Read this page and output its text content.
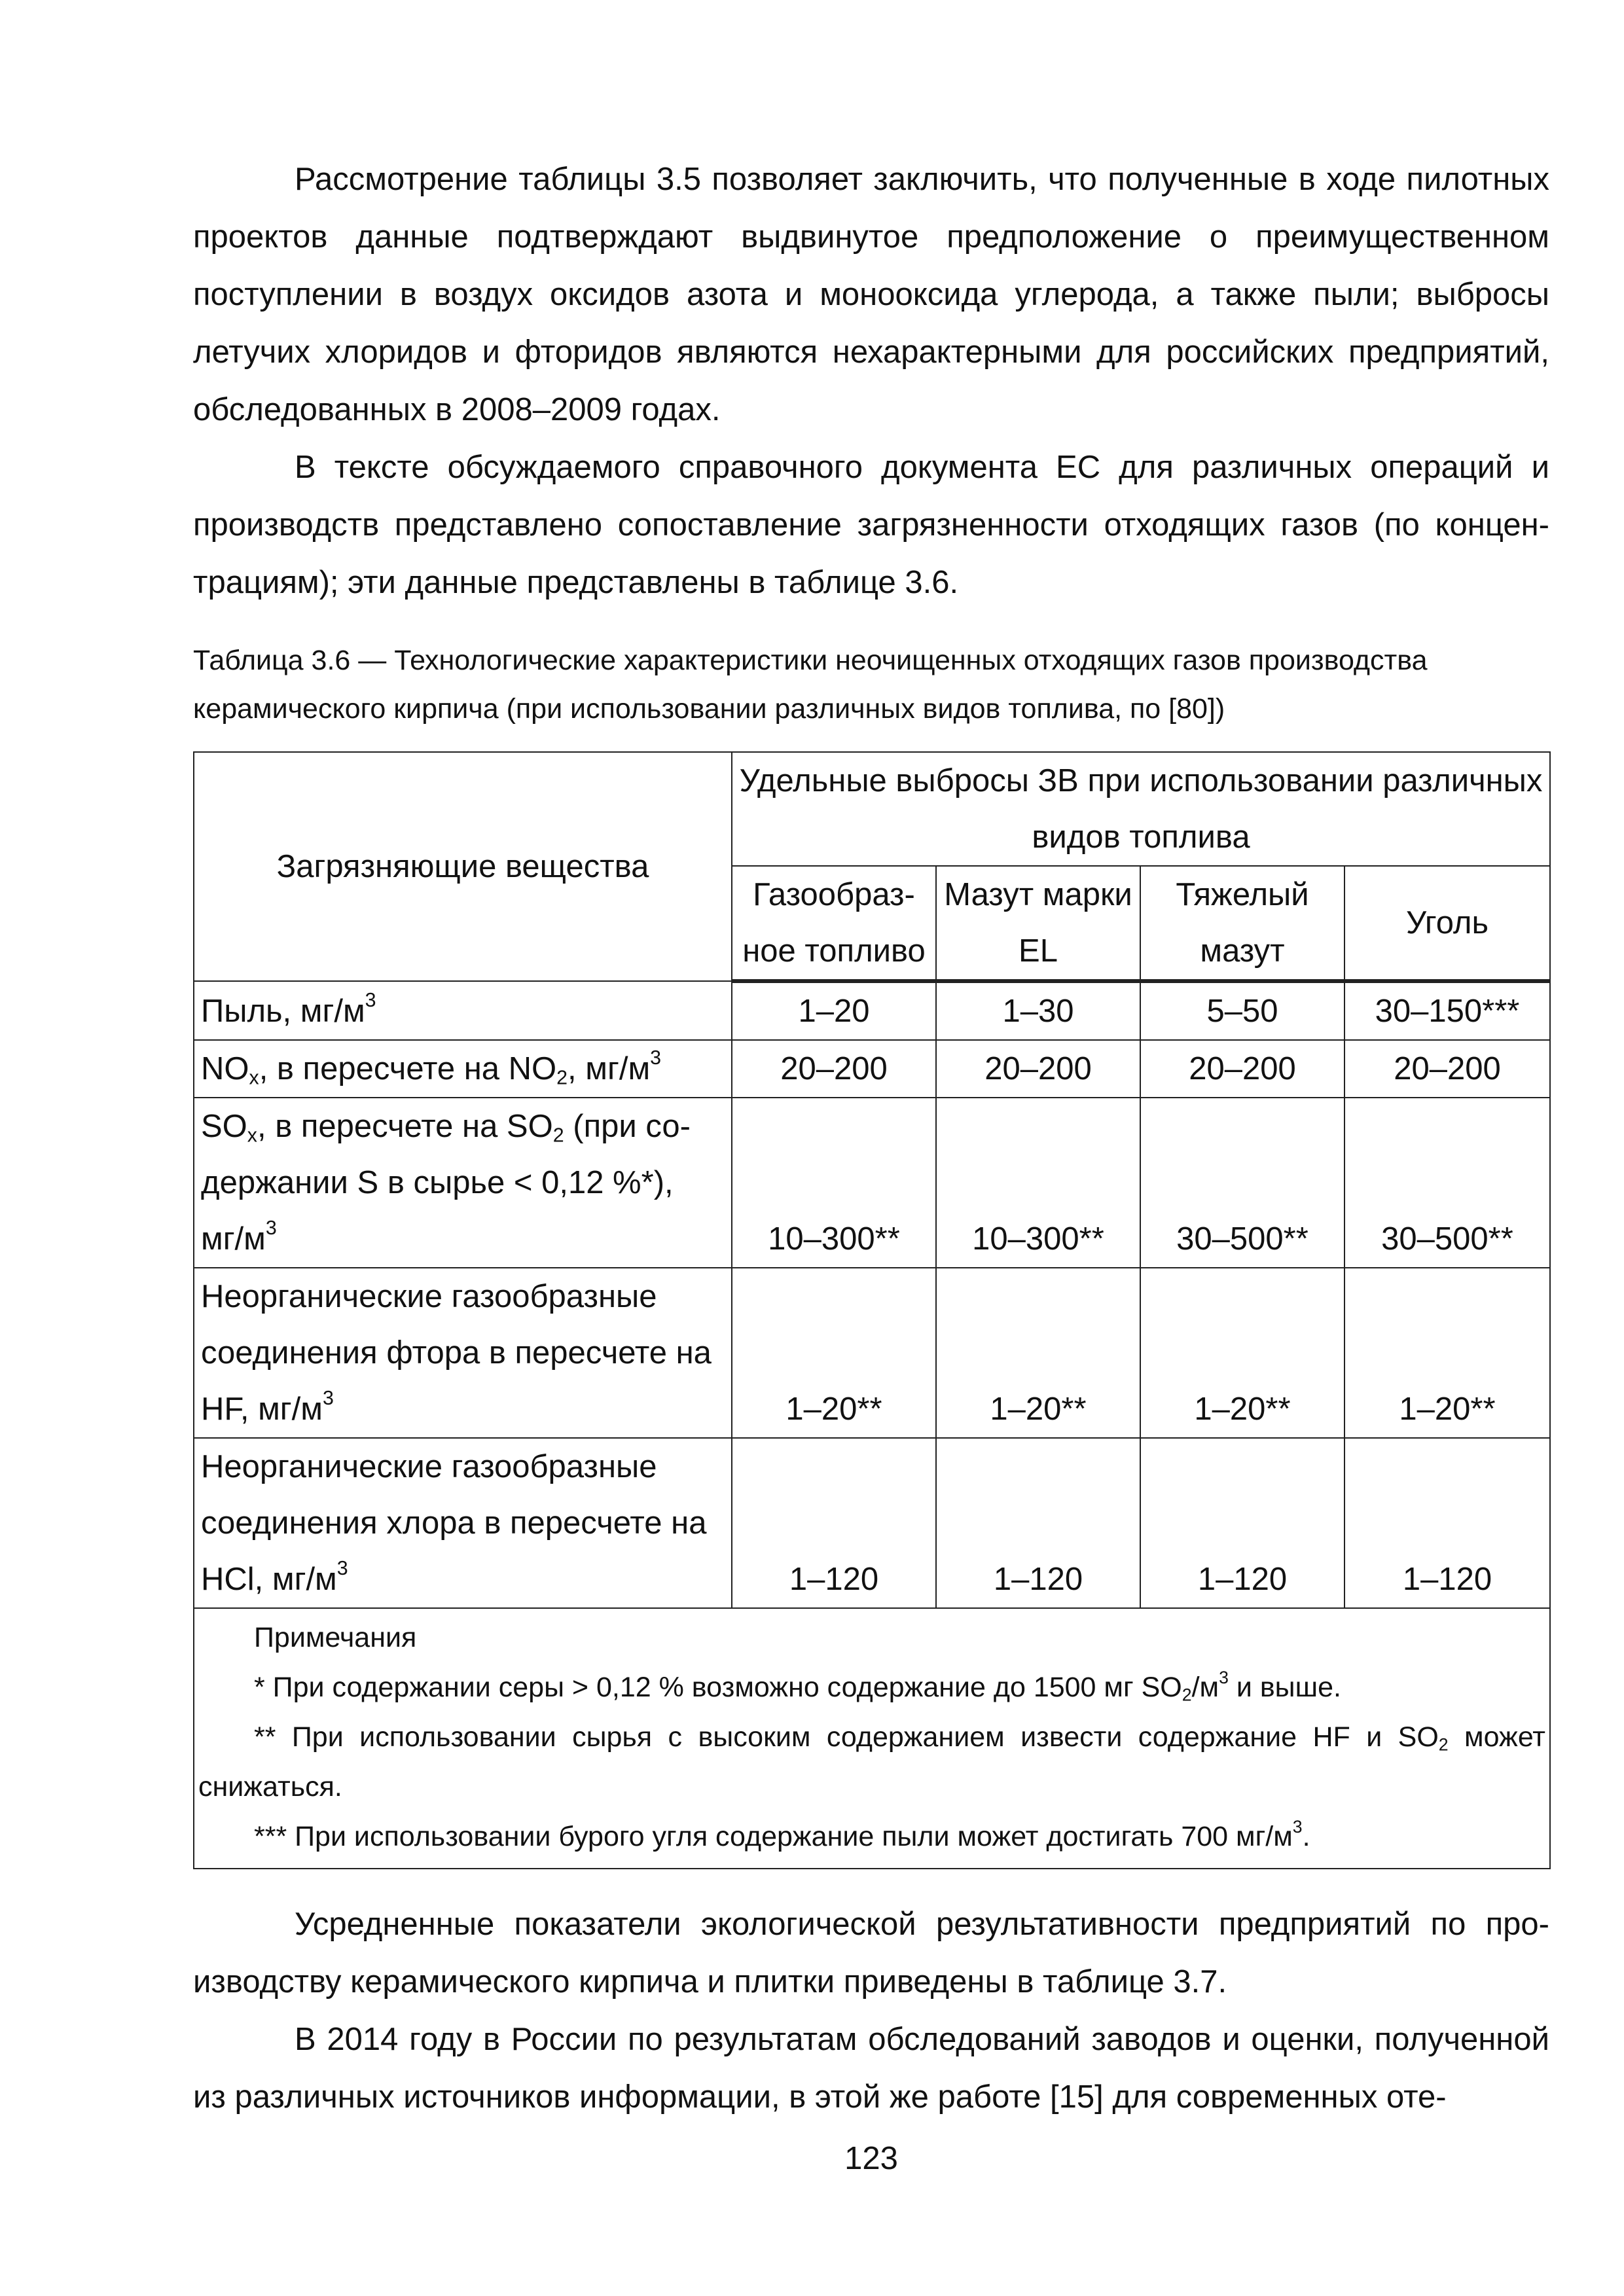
Рассмотрение таблицы 3.5 позволяет заключить, что полученные в ходе пилотных проектов данные подтверждают выдвинутое предположение о преимущественном поступлении в воздух оксидов азота и монооксида углерода, а также пыли; выбросы летучих хлоридов и фторидов являются нехарактерными для российских предприятий, обследованных в 2008–2009 годах.

В тексте обсуждаемого справочного документа ЕС для различных операций и производств представлено сопоставление загрязненности отходящих газов (по концентрациям); эти данные представлены в таблице 3.6.

Таблица 3.6 — Технологические характеристики неочищенных отходящих газов производства керамического кирпича (при использовании различных видов топлива, по [80])
Загрязняющие вещества	Удельные выбросы ЗВ при использовании различных видов топлива			
	Газообразное топливо	Мазут марки EL	Тяжелый мазут	Уголь
Пыль, $мг/м^3$	1–20	1–30	5–50	30–150***
$NO_x$, в пересчете на $NO_2$, $мг/м^3$	20–200	20–200	20–200	20–200
$SO_x$, в пересчете на $SO_2$ (при содержании S в сырье < 0,12 %*), $мг/м^3$	10–300**	10–300**	30–500**	30–500**
Неорганические газообразные соединения фтора в пересчете на HF, $мг/м^3$	1–20**	1–20**	1–20**	1–20**
Неорганические газообразные соединения хлора в пересчете на HCl, $мг/м^3$	1–120	1–120	1–120	1–120

Примечания
* При содержании серы > 0,12 % возможно содержание до 1500 мг $SO_2/м^3$ и выше.
** При использовании сырья с высоким содержанием извести содержание HF и $SO_2$ может снижаться.
*** При использовании бурого угля содержание пыли может достигать 700 $мг/м^3$.				

Усредненные показатели экологической результативности предприятий по производству керамического кирпича и плитки приведены в таблице 3.7.

В 2014 году в России по результатам обследований заводов и оценки, полученной из различных источников информации, в этой же работе [15] для современных оте-

123
